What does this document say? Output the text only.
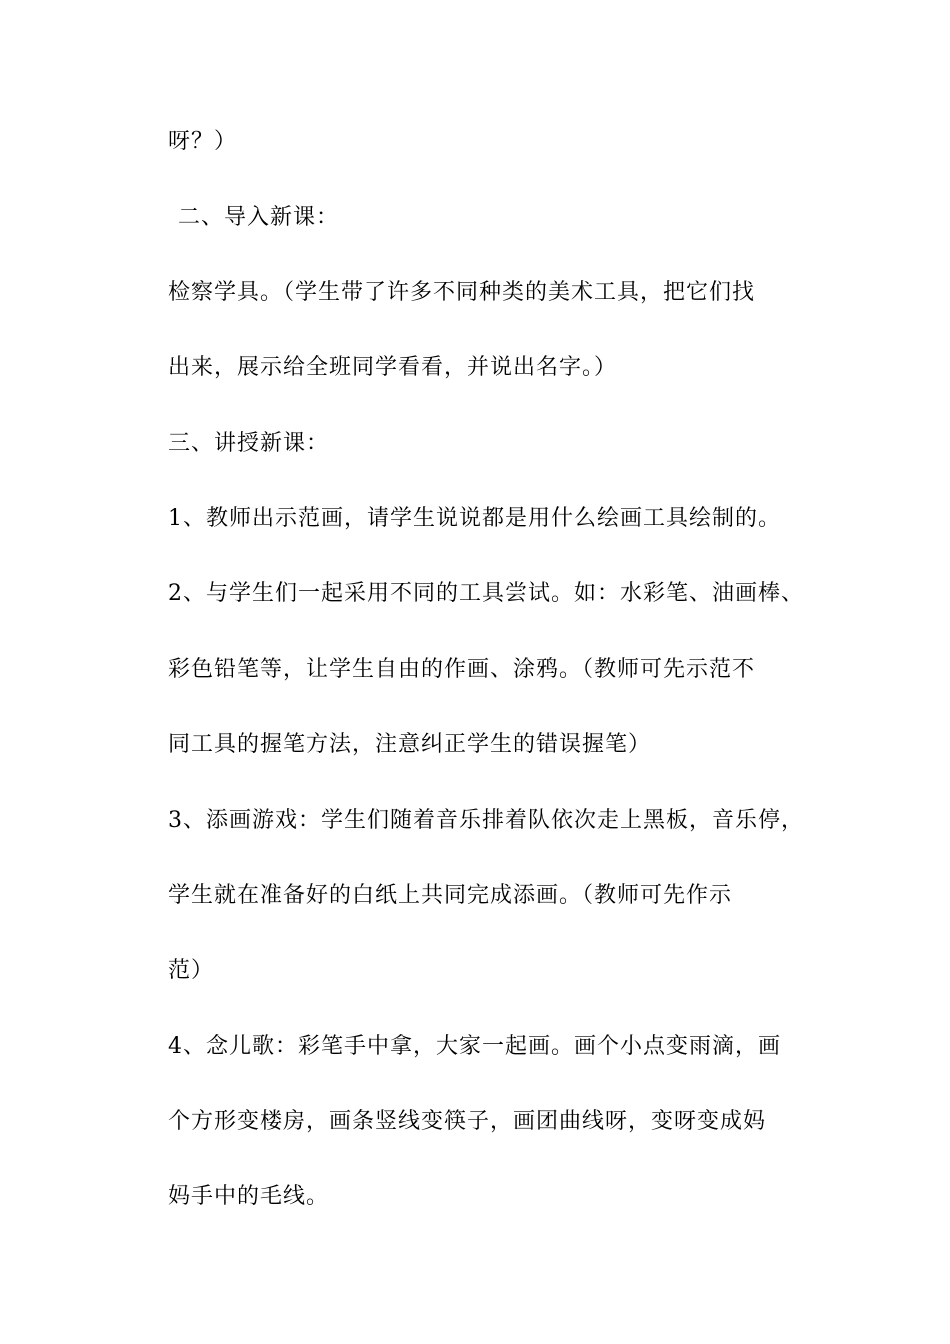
呀？）
二、导入新课：
检察学具。（学生带了许多不同种类的美术工具，把它们找
出来，展示给全班同学看看，并说出名字。）
三、讲授新课：
1、教师出示范画，请学生说说都是用什么绘画工具绘制的。
2、与学生们一起采用不同的工具尝试。如：水彩笔、油画棒、
彩色铅笔等，让学生自由的作画、涂鸦。（教师可先示范不
同工具的握笔方法，注意纠正学生的错误握笔）
3、添画游戏：学生们随着音乐排着队依次走上黑板，音乐停，
学生就在准备好的白纸上共同完成添画。（教师可先作示
范）
4、念儿歌：彩笔手中拿，大家一起画。画个小点变雨滴，画
个方形变楼房，画条竖线变筷子，画团曲线呀，变呀变成妈
妈手中的毛线。
